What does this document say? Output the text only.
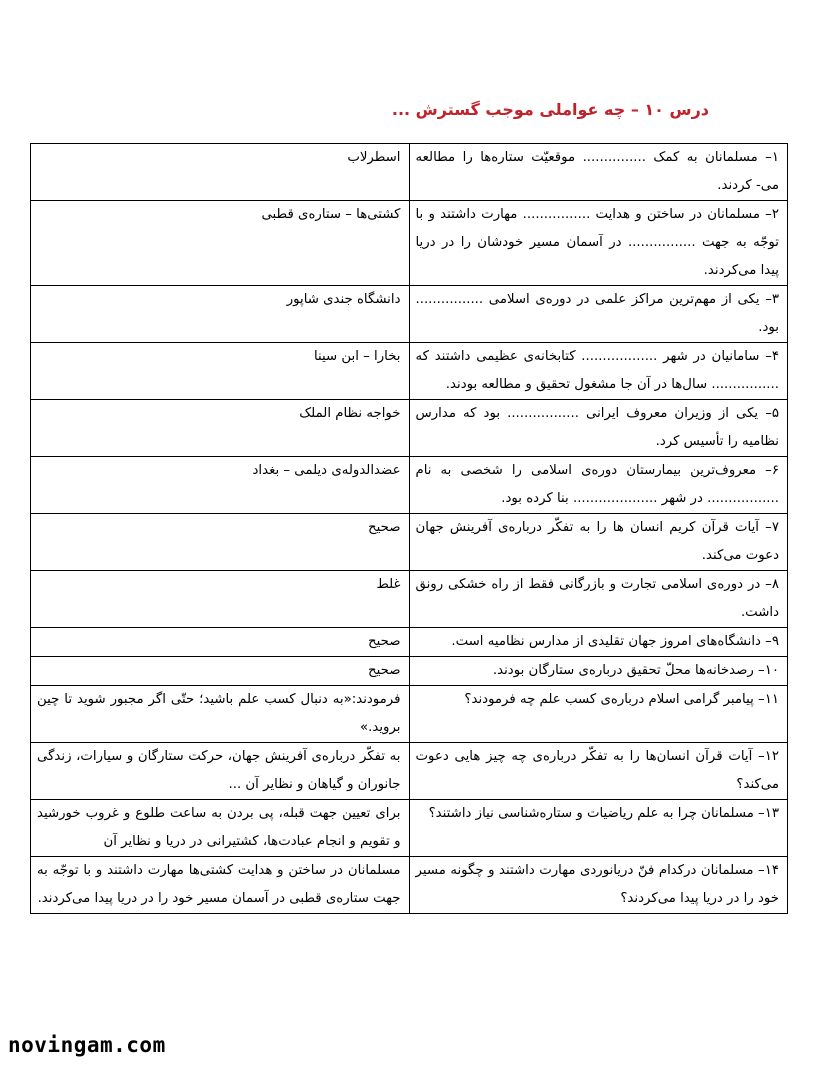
درس ۱۰ – چه عواملی موجب گسترش ...
۱– مسلمانان به کمک ............... موقعیّت ستاره‌ها را مطالعه می- کردند.	اسطرلاب
۲– مسلمانان در ساختن و هدایت ................ مهارت داشتند و با توجّه به جهت ................ در آسمان مسیر خودشان را در دریا پیدا می‌کردند.	کشتی‌ها – ستاره‌ی قطبی
۳– یکی از مهم‌ترین مراکز علمی در دوره‌ی اسلامی ................ بود.	دانشگاه جندی شاپور
۴– سامانیان در شهر .................. کتابخانه‌ی عظیمی داشتند که ................ سال‌ها در آن جا مشغول تحقیق و مطالعه بودند.	بخارا – ابن سینا
۵– یکی از وزیران معروف ایرانی ................. بود که مدارس نظامیه را تأسیس کرد.	خواجه نظام الملک
۶– معروف‌ترین بیمارستان دوره‌ی اسلامی را شخصی به نام ................. در شهر .................... بنا کرده بود.	عضدالدوله‌ی دیلمی – بغداد
۷– آیات قرآن کریم انسان ها را به تفکّر درباره‌ی آفرینش جهان دعوت می‌کند.	صحیح
۸– در دوره‌ی اسلامی تجارت و بازرگانی فقط از راه خشکی رونق داشت.	غلط
۹– دانشگاه‌های امروز جهان تقلیدی از مدارس نظامیه است.	صحیح
۱۰– رصدخانه‌ها محلّ تحقیق درباره‌ی ستارگان بودند.	صحیح
۱۱– پیامبر گرامی اسلام درباره‌ی کسب علم چه فرمودند؟	فرمودند:«به دنبال کسب علم باشید؛ حتّی اگر مجبور شوید تا چین بروید.»
۱۲– آیات قرآن انسان‌ها را به تفکّر درباره‌ی چه چیز هایی دعوت می‌کند؟	به تفکّر درباره‌ی آفرینش جهان، حرکت ستارگان و سیارات، زندگی جانوران و گیاهان و نظایر آن ...
۱۳– مسلمانان چرا به علم ریاضیات و ستاره‌شناسی نیاز داشتند؟	برای تعیین جهت قبله، پی بردن به ساعت طلوع و غروب خورشید و تقویم و انجام عبادت‌ها، کشتیرانی در دریا و نظایر آن
۱۴– مسلمانان درکدام فنّ دریانوردی مهارت داشتند و چگونه مسیر خود را در دریا پیدا می‌کردند؟	مسلمانان در ساختن و هدایت کشتی‌ها مهارت داشتند و با توجّه به جهت ستاره‌ی قطبی در آسمان مسیر خود را در دریا پیدا می‌کردند.
novingam.com
